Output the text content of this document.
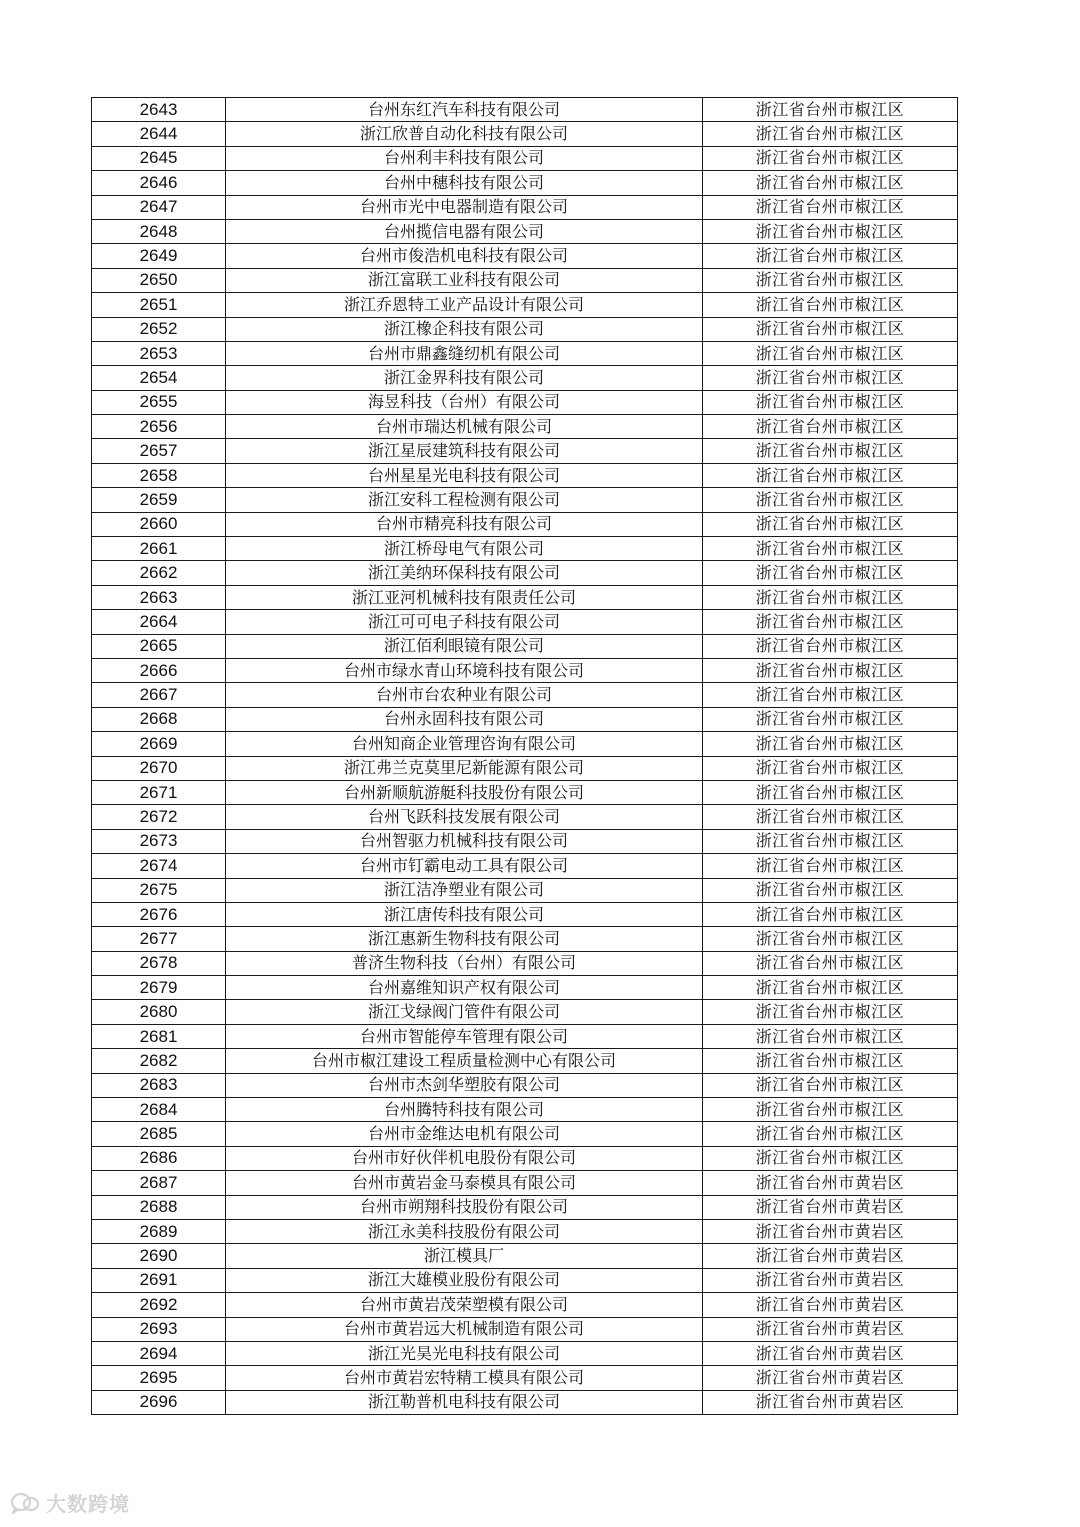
2643	台州东红汽车科技有限公司	浙江省台州市椒江区
2644	浙江欣普自动化科技有限公司	浙江省台州市椒江区
2645	台州利丰科技有限公司	浙江省台州市椒江区
2646	台州中穗科技有限公司	浙江省台州市椒江区
2647	台州市光中电器制造有限公司	浙江省台州市椒江区
2648	台州揽信电器有限公司	浙江省台州市椒江区
2649	台州市俊浩机电科技有限公司	浙江省台州市椒江区
2650	浙江富联工业科技有限公司	浙江省台州市椒江区
2651	浙江乔恩特工业产品设计有限公司	浙江省台州市椒江区
2652	浙江橡企科技有限公司	浙江省台州市椒江区
2653	台州市鼎鑫缝纫机有限公司	浙江省台州市椒江区
2654	浙江金界科技有限公司	浙江省台州市椒江区
2655	海昱科技（台州）有限公司	浙江省台州市椒江区
2656	台州市瑞达机械有限公司	浙江省台州市椒江区
2657	浙江星辰建筑科技有限公司	浙江省台州市椒江区
2658	台州星星光电科技有限公司	浙江省台州市椒江区
2659	浙江安科工程检测有限公司	浙江省台州市椒江区
2660	台州市精亮科技有限公司	浙江省台州市椒江区
2661	浙江桥母电气有限公司	浙江省台州市椒江区
2662	浙江美纳环保科技有限公司	浙江省台州市椒江区
2663	浙江亚河机械科技有限责任公司	浙江省台州市椒江区
2664	浙江可可电子科技有限公司	浙江省台州市椒江区
2665	浙江佰利眼镜有限公司	浙江省台州市椒江区
2666	台州市绿水青山环境科技有限公司	浙江省台州市椒江区
2667	台州市台农种业有限公司	浙江省台州市椒江区
2668	台州永固科技有限公司	浙江省台州市椒江区
2669	台州知商企业管理咨询有限公司	浙江省台州市椒江区
2670	浙江弗兰克莫里尼新能源有限公司	浙江省台州市椒江区
2671	台州新顺航游艇科技股份有限公司	浙江省台州市椒江区
2672	台州飞跃科技发展有限公司	浙江省台州市椒江区
2673	台州智驱力机械科技有限公司	浙江省台州市椒江区
2674	台州市钉霸电动工具有限公司	浙江省台州市椒江区
2675	浙江洁净塑业有限公司	浙江省台州市椒江区
2676	浙江唐传科技有限公司	浙江省台州市椒江区
2677	浙江惠新生物科技有限公司	浙江省台州市椒江区
2678	普济生物科技（台州）有限公司	浙江省台州市椒江区
2679	台州嘉维知识产权有限公司	浙江省台州市椒江区
2680	浙江戈绿阀门管件有限公司	浙江省台州市椒江区
2681	台州市智能停车管理有限公司	浙江省台州市椒江区
2682	台州市椒江建设工程质量检测中心有限公司	浙江省台州市椒江区
2683	台州市杰剑华塑胶有限公司	浙江省台州市椒江区
2684	台州腾特科技有限公司	浙江省台州市椒江区
2685	台州市金维达电机有限公司	浙江省台州市椒江区
2686	台州市好伙伴机电股份有限公司	浙江省台州市椒江区
2687	台州市黄岩金马泰模具有限公司	浙江省台州市黄岩区
2688	台州市朔翔科技股份有限公司	浙江省台州市黄岩区
2689	浙江永美科技股份有限公司	浙江省台州市黄岩区
2690	浙江模具厂	浙江省台州市黄岩区
2691	浙江大雄模业股份有限公司	浙江省台州市黄岩区
2692	台州市黄岩茂荣塑模有限公司	浙江省台州市黄岩区
2693	台州市黄岩远大机械制造有限公司	浙江省台州市黄岩区
2694	浙江光昊光电科技有限公司	浙江省台州市黄岩区
2695	台州市黄岩宏特精工模具有限公司	浙江省台州市黄岩区
2696	浙江勒普机电科技有限公司	浙江省台州市黄岩区
大数跨境
